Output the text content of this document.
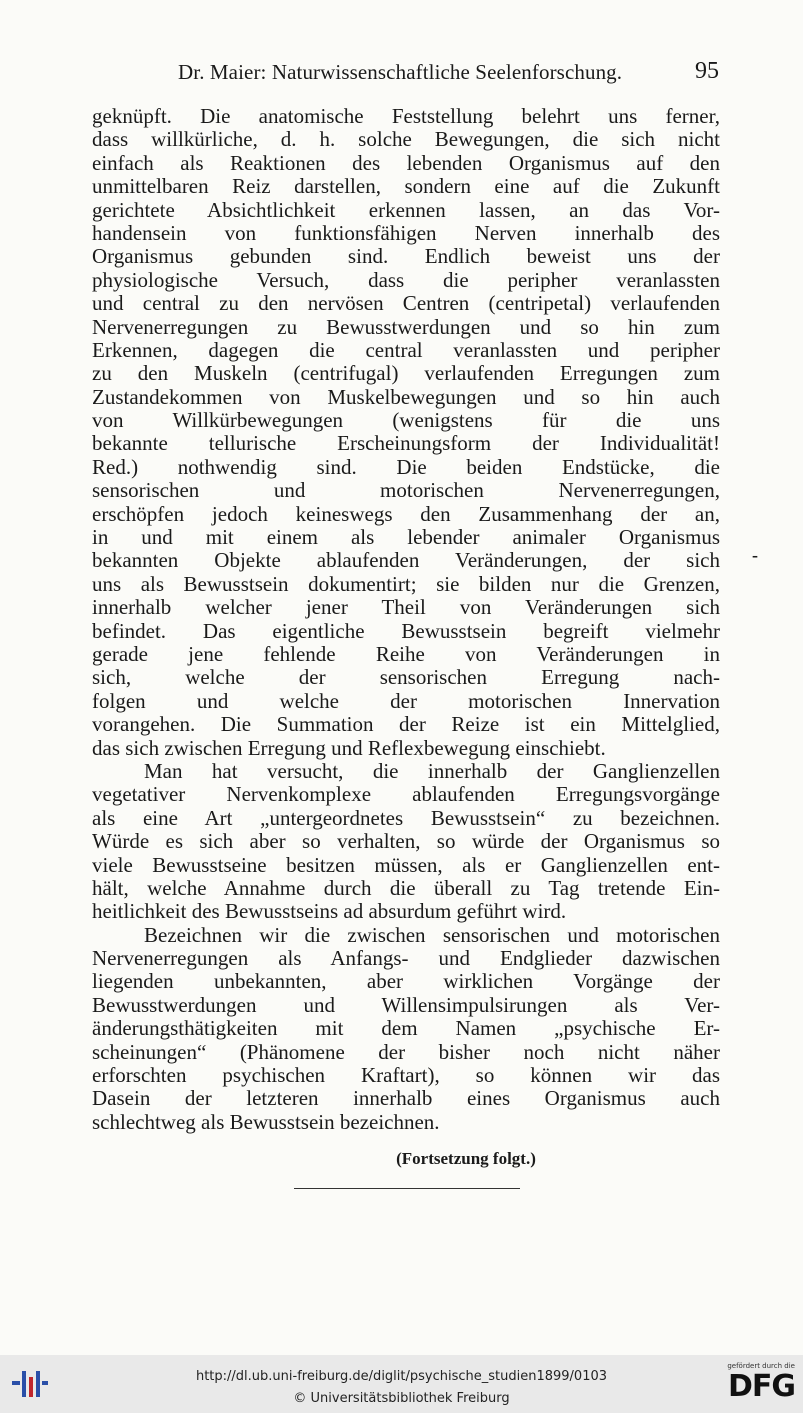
Dr. Maier: Naturwissenschaftliche Seelenforschung.	95
geknüpft. Die anatomische Feststellung belehrt uns ferner,
dass willkürliche, d. h. solche Bewegungen, die sich nicht
einfach als Reaktionen des lebenden Organismus auf den
unmittelbaren Reiz darstellen, sondern eine auf die Zukunft
gerichtete Absichtlichkeit erkennen lassen, an das Vor-
handensein von funktionsfähigen Nerven innerhalb des
Organismus gebunden sind. Endlich beweist uns der
physiologische Versuch, dass die peripher veranlassten
und central zu den nervösen Centren (centripetal) verlaufenden
Nervenerregungen zu Bewusstwerdungen und so hin zum
Erkennen, dagegen die central veranlassten und peripher
zu den Muskeln (centrifugal) verlaufenden Erregungen zum
Zustandekommen von Muskelbewegungen und so hin auch
von Willkürbewegungen (wenigstens für die uns
bekannte tellurische Erscheinungsform der Individualität!
Red.) nothwendig sind. Die beiden Endstücke, die
sensorischen und motorischen Nervenerregungen,
erschöpfen jedoch keineswegs den Zusammenhang der an,
in und mit einem als lebender animaler Organismus
bekannten Objekte ablaufenden Veränderungen, der sich
uns als Bewusstsein dokumentirt; sie bilden nur die Grenzen,
innerhalb welcher jener Theil von Veränderungen sich
befindet. Das eigentliche Bewusstsein begreift vielmehr
gerade jene fehlende Reihe von Veränderungen in
sich, welche der sensorischen Erregung nach-
folgen und welche der motorischen Innervation
vorangehen. Die Summation der Reize ist ein Mittelglied,
das sich zwischen Erregung und Reflexbewegung einschiebt.
Man hat versucht, die innerhalb der Ganglienzellen
vegetativer Nervenkomplexe ablaufenden Erregungsvorgänge
als eine Art „untergeordnetes Bewusstsein“ zu bezeichnen.
Würde es sich aber so verhalten, so würde der Organismus so
viele Bewusstseine besitzen müssen, als er Ganglienzellen ent-
hält, welche Annahme durch die überall zu Tag tretende Ein-
heitlichkeit des Bewusstseins ad absurdum geführt wird.
Bezeichnen wir die zwischen sensorischen und motorischen
Nervenerregungen als Anfangs- und Endglieder dazwischen
liegenden unbekannten, aber wirklichen Vorgänge der
Bewusstwerdungen und Willensimpulsirungen als Ver-
änderungsthätigkeiten mit dem Namen „psychische Er-
scheinungen“ (Phänomene der bisher noch nicht näher
erforschten psychischen Kraftart), so können wir das
Dasein der letzteren innerhalb eines Organismus auch
schlechtweg als Bewusstsein bezeichnen.
(Fortsetzung folgt.)
-
http://dl.ub.uni-freiburg.de/diglit/psychische_studien1899/0103
© Universitätsbibliothek Freiburg
gefördert durch die
DFG
